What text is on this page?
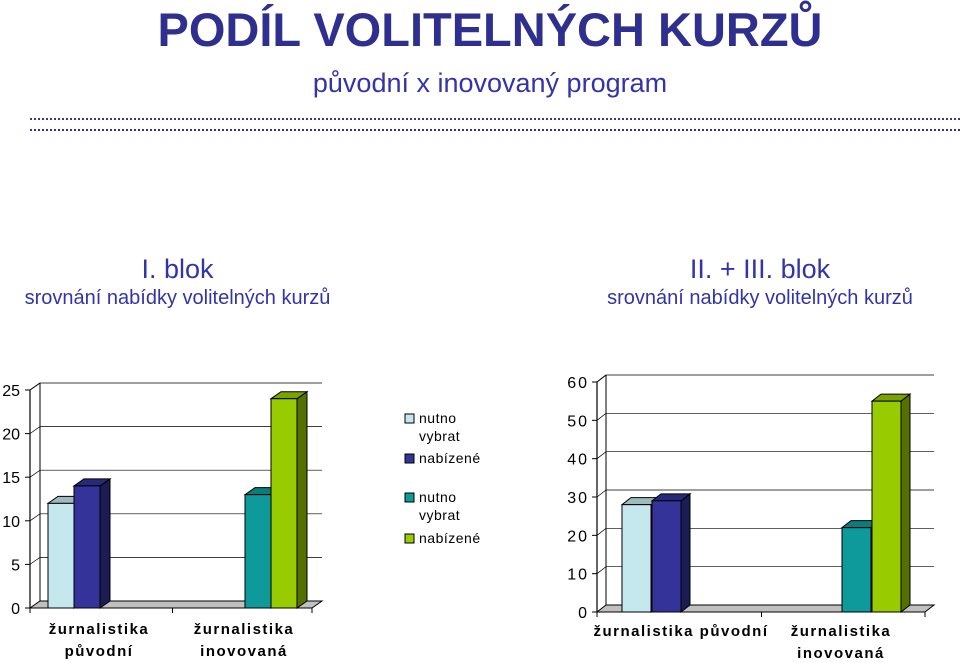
PODÍL VOLITELNÝCH KURZŮ
původní x inovovaný program
I. blok
srovnání nabídky volitelných kurzů
II. + III. blok
srovnání nabídky volitelných kurzů
0
5
10
15
20
25
žurnalistika
původní
žurnalistika
inovovaná
0
10
20
30
40
50
60
žurnalistika původní žurnalistika
inovovaná
nutno
vybrat
nabízené
nutno
vybrat
nabízené
